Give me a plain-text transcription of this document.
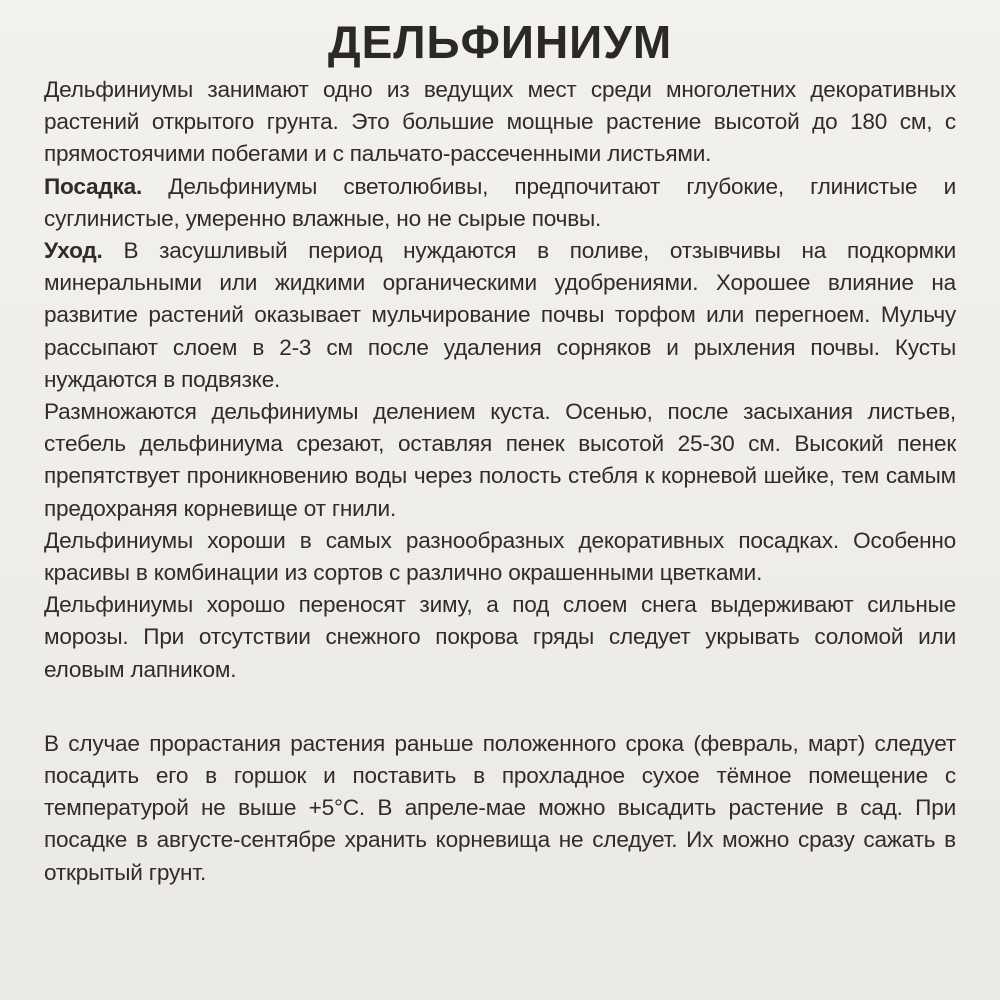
ДЕЛЬФИНИУМ

Дельфиниумы занимают одно из ведущих мест среди многолетних декоративных растений открытого грунта. Это большие мощные растение высотой до 180 см, с прямостоячими побегами и с пальчато-рассеченными листьями.

Посадка. Дельфиниумы светолюбивы, предпочитают глубокие, глинистые и суглинистые, умеренно влажные, но не сырые почвы.

Уход. В засушливый период нуждаются в поливе, отзывчивы на подкормки минеральными или жидкими органическими удобрениями. Хорошее влияние на развитие растений оказывает мульчирование почвы торфом или перегноем. Мульчу рассыпают слоем в 2-3 см после удаления сорняков и рыхления почвы. Кусты нуждаются в подвязке.

Размножаются дельфиниумы делением куста. Осенью, после засыхания листьев, стебель дельфиниума срезают, оставляя пенек высотой 25-30 см. Высокий пенек препятствует проникновению воды через полость стебля к корневой шейке, тем самым предохраняя корневище от гнили.

Дельфиниумы хороши в самых разнообразных декоративных посадках. Особенно красивы в комбинации из сортов с различно окрашенными цветками.

Дельфиниумы хорошо переносят зиму, а под слоем снега выдерживают сильные морозы. При отсутствии снежного покрова гряды следует укрывать соломой или еловым лапником.

В случае прорастания растения раньше положенного срока (февраль, март) следует посадить его в горшок и поставить в прохладное сухое тёмное помещение с температурой не выше +5°С. В апреле-мае можно высадить растение в сад. При посадке в августе-сентябре хранить корневища не следует. Их можно сразу сажать в открытый грунт.
